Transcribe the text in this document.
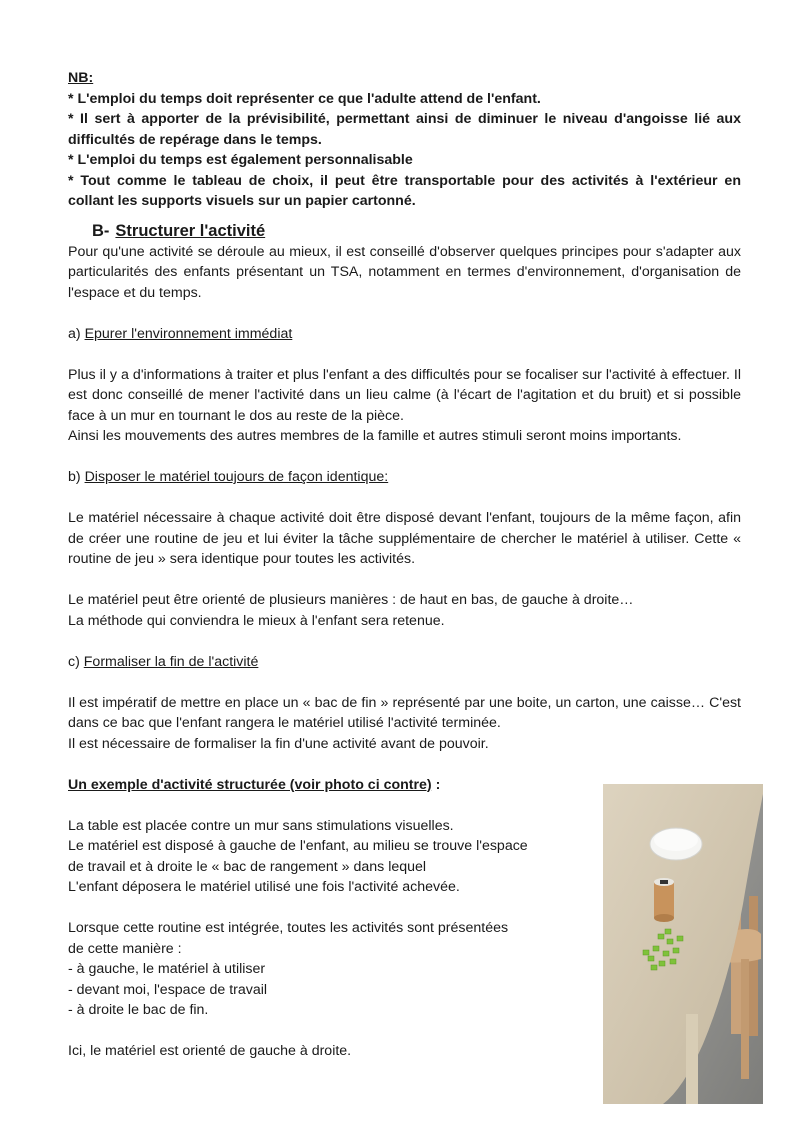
NB:

* L'emploi du temps doit représenter ce que l'adulte attend de l'enfant.

* Il sert à apporter de la prévisibilité, permettant ainsi de diminuer le niveau d'angoisse lié aux difficultés de repérage dans le temps.

* L'emploi du temps est également personnalisable

* Tout comme le tableau de choix, il peut être transportable pour des activités à l'extérieur en collant les supports visuels sur un papier cartonné.

B- Structurer l'activité

Pour qu'une activité se déroule au mieux, il est conseillé d'observer quelques principes pour s'adapter aux particularités des enfants présentant un TSA, notamment en termes d'environnement, d'organisation de l'espace et du temps.

a) Epurer l'environnement immédiat

Plus il y a d'informations à traiter et plus l'enfant a des difficultés pour se focaliser sur l'activité à effectuer. Il est donc conseillé de mener l'activité dans un lieu calme (à l'écart de l'agitation et du bruit) et si possible face à un mur en tournant le dos au reste de la pièce.

Ainsi les mouvements des autres membres de la famille et autres stimuli seront moins importants.

b) Disposer le matériel toujours de façon identique:

Le matériel nécessaire à chaque activité doit être disposé devant l'enfant, toujours de la même façon, afin de créer une routine de jeu et lui éviter la tâche supplémentaire de chercher le matériel à utiliser. Cette « routine de jeu » sera identique pour toutes les activités.

Le matériel peut être orienté de plusieurs manières : de haut en bas, de gauche à droite…

La méthode qui conviendra le mieux à l'enfant sera retenue.

c) Formaliser la fin de l'activité

Il est impératif de mettre en place un « bac de fin » représenté par une boite, un carton, une caisse… C'est dans ce bac que l'enfant rangera le matériel utilisé l'activité terminée.

Il est nécessaire de formaliser la fin d'une activité avant de pouvoir.

Un exemple d'activité structurée (voir photo ci contre) :

La table est placée contre un mur sans stimulations visuelles.

Le matériel est disposé à gauche de l'enfant, au milieu se trouve l'espace

de travail et à droite le « bac de rangement » dans lequel

L'enfant déposera le matériel utilisé une fois l'activité achevée.

Lorsque cette routine est intégrée, toutes les activités sont présentées

de cette manière :

- à gauche, le matériel à utiliser

- devant moi, l'espace de travail

- à droite le bac de fin.

Ici, le matériel est orienté de gauche à droite.
